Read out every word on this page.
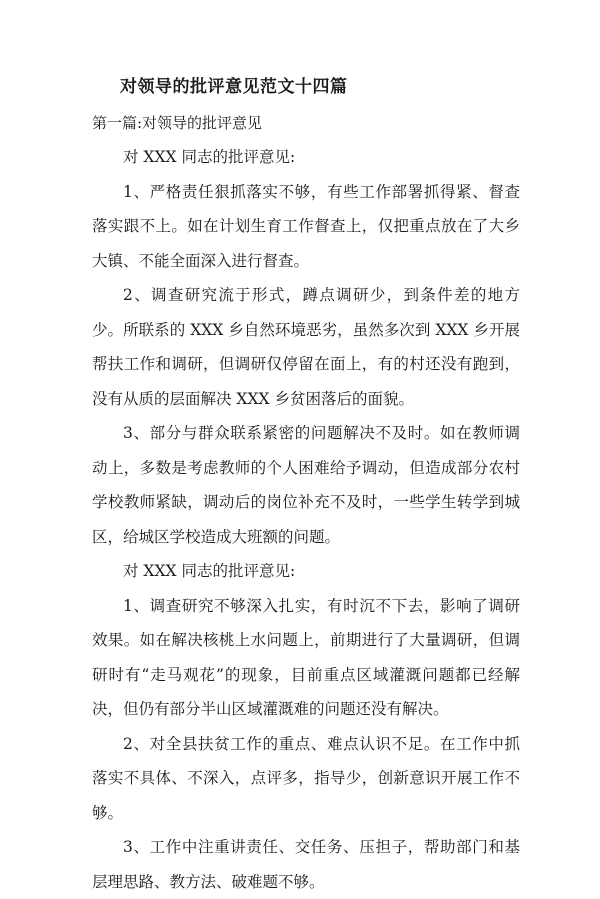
对领导的批评意见范文十四篇
第一篇:对领导的批评意见

对 XXX 同志的批评意见:

1、严格责任狠抓落实不够，有些工作部署抓得紧、督查落实跟不上。如在计划生育工作督查上，仅把重点放在了大乡大镇、不能全面深入进行督查。

2、调查研究流于形式，蹲点调研少，到条件差的地方少。所联系的 XXX 乡自然环境恶劣，虽然多次到 XXX 乡开展帮扶工作和调研，但调研仅停留在面上，有的村还没有跑到，没有从质的层面解决 XXX 乡贫困落后的面貌。

3、部分与群众联系紧密的问题解决不及时。如在教师调动上，多数是考虑教师的个人困难给予调动，但造成部分农村学校教师紧缺，调动后的岗位补充不及时，一些学生转学到城区，给城区学校造成大班额的问题。

对 XXX 同志的批评意见:

1、调查研究不够深入扎实，有时沉不下去，影响了调研效果。如在解决核桃上水问题上，前期进行了大量调研，但调研时有“走马观花”的现象，目前重点区域灌溉问题都已经解决，但仍有部分半山区域灌溉难的问题还没有解决。

2、对全县扶贫工作的重点、难点认识不足。在工作中抓落实不具体、不深入，点评多，指导少，创新意识开展工作不够。

3、工作中注重讲责任、交任务、压担子，帮助部门和基层理思路、教方法、破难题不够。
